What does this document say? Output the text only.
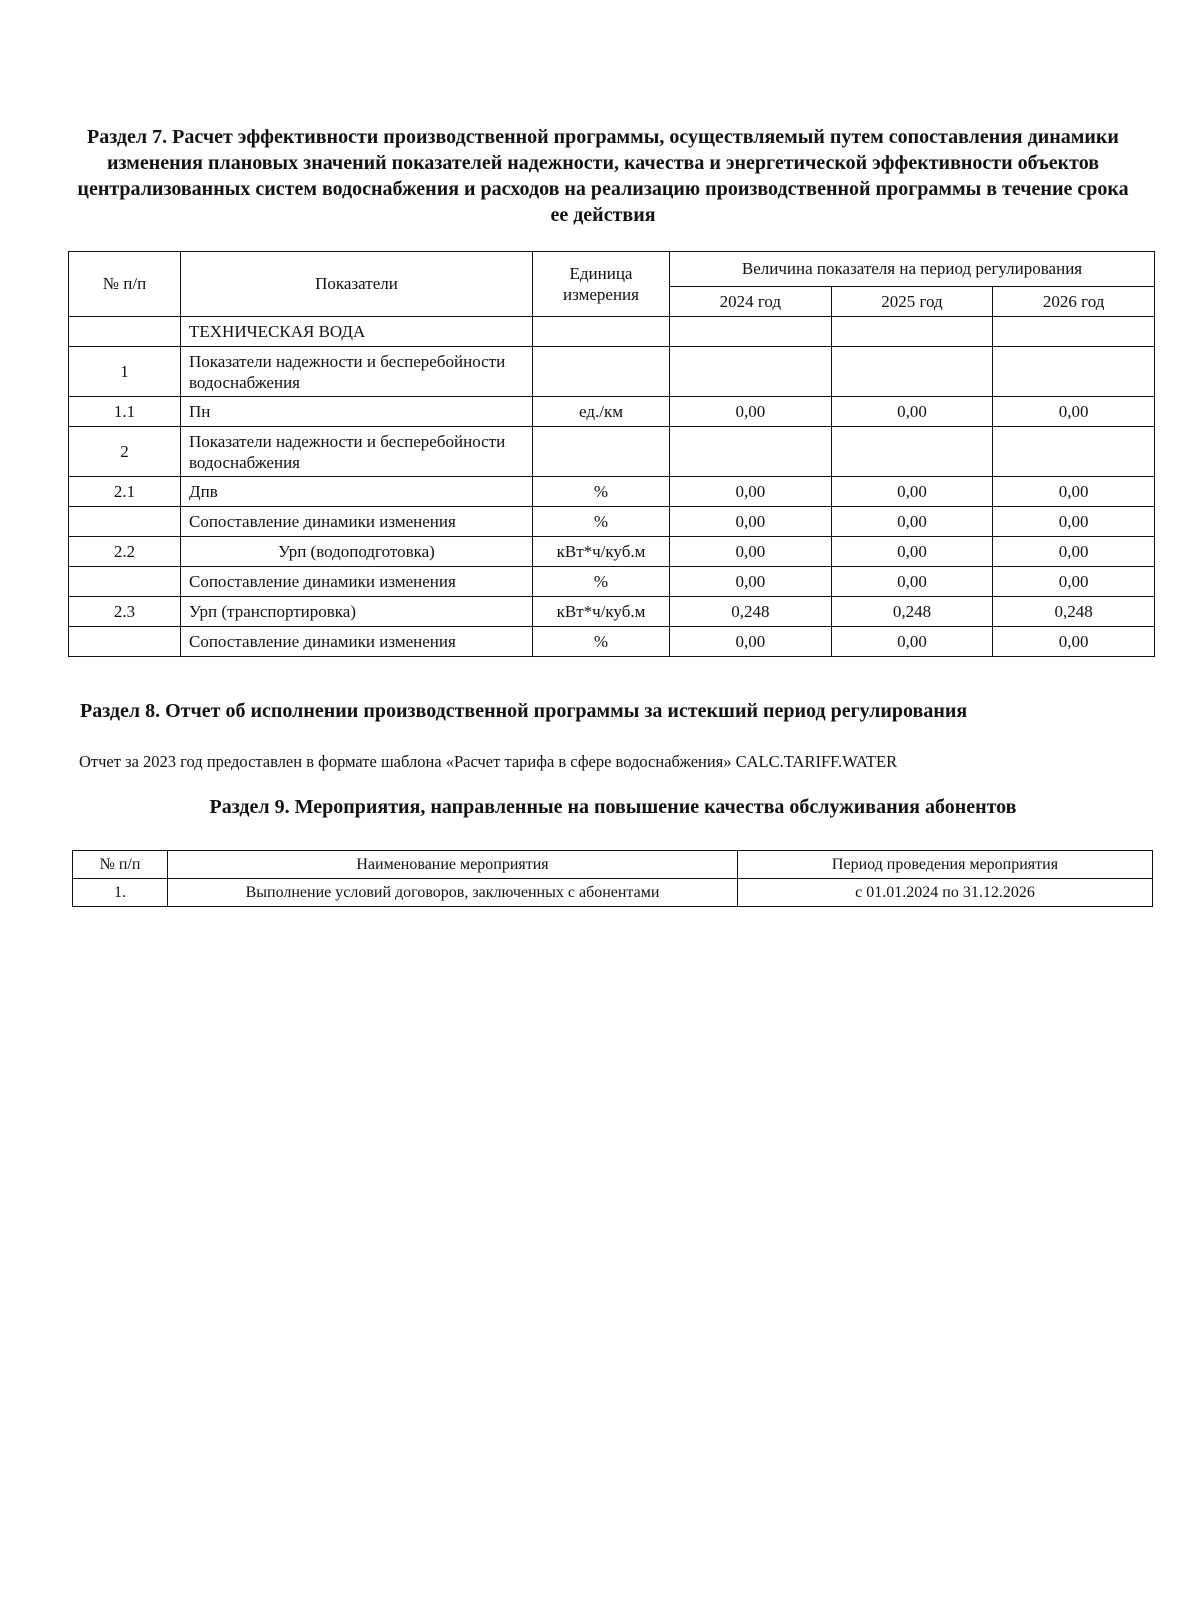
Раздел 7. Расчет эффективности производственной программы, осуществляемый путем сопоставления динамики изменения плановых значений показателей надежности, качества и энергетической эффективности объектов централизованных систем водоснабжения и расходов на реализацию производственной программы в течение срока ее действия
№ п/п	Показатели	Единица измерения	Величина показателя на период регулирования		
			2024 год	2025 год	2026 год
	ТЕХНИЧЕСКАЯ ВОДА				
1	Показатели надежности и бесперебойности водоснабжения				
1.1	Пн	ед./км	0,00	0,00	0,00
2	Показатели надежности и бесперебойности водоснабжения				
2.1	Дпв	%	0,00	0,00	0,00
	Сопоставление динамики изменения	%	0,00	0,00	0,00
2.2	Урп (водоподготовка)	кВт*ч/куб.м	0,00	0,00	0,00
	Сопоставление динамики изменения	%	0,00	0,00	0,00
2.3	Урп (транспортировка)	кВт*ч/куб.м	0,248	0,248	0,248
	Сопоставление динамики изменения	%	0,00	0,00	0,00
Раздел 8. Отчет об исполнении производственной программы за истекший период регулирования
Отчет за 2023 год предоставлен в формате шаблона «Расчет тарифа в сфере водоснабжения» CALC.TARIFF.WATER
Раздел 9. Мероприятия, направленные на повышение качества обслуживания абонентов
№ п/п	Наименование мероприятия	Период проведения мероприятия
1.	Выполнение условий договоров, заключенных с абонентами	с 01.01.2024 по 31.12.2026
